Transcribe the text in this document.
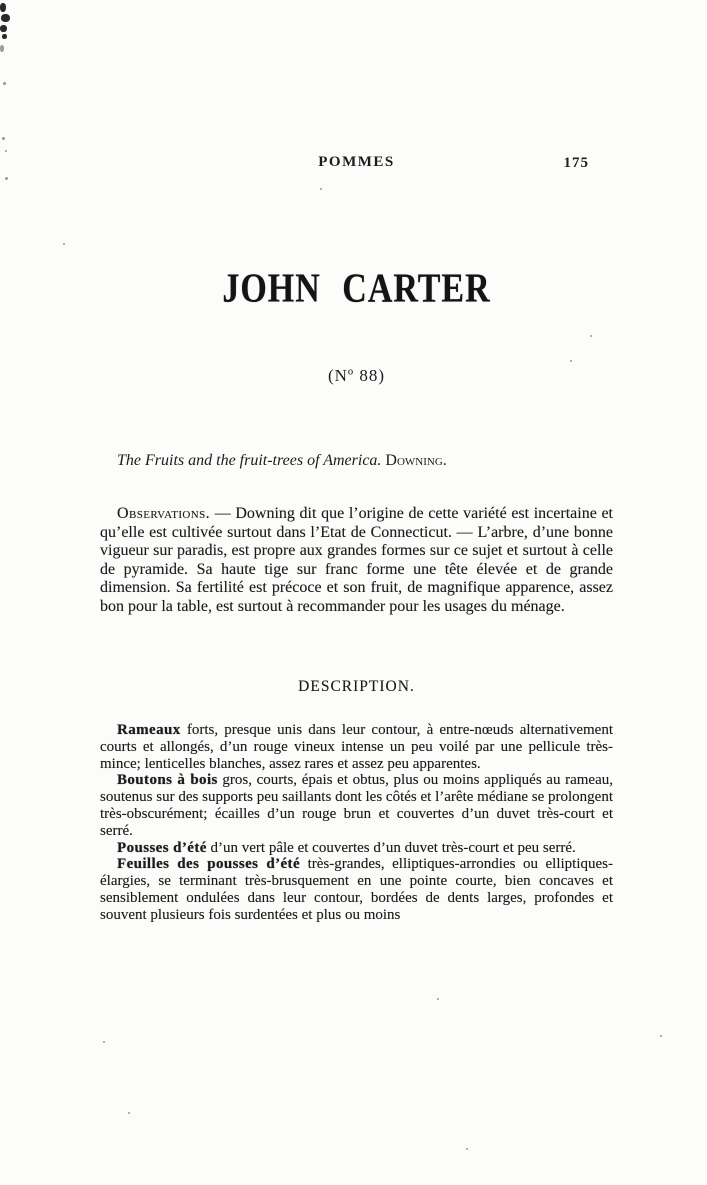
POMMES	175
JOHN CARTER
(Nº 88)
The Fruits and the fruit-trees of America. Downing.

Observations. — Downing dit que l’origine de cette variété est incertaine et qu’elle est cultivée surtout dans l’Etat de Connecticut. — L’arbre, d’une bonne vigueur sur paradis, est propre aux grandes formes sur ce sujet et surtout à celle de pyramide. Sa haute tige sur franc forme une tête élevée et de grande dimension. Sa fertilité est précoce et son fruit, de magnifique apparence, assez bon pour la table, est surtout à recommander pour les usages du ménage.

DESCRIPTION.

Rameaux forts, presque unis dans leur contour, à entre-nœuds alternativement courts et allongés, d’un rouge vineux intense un peu voilé par une pellicule très-mince; lenticelles blanches, assez rares et assez peu apparentes.

Boutons à bois gros, courts, épais et obtus, plus ou moins appliqués au rameau, soutenus sur des supports peu saillants dont les côtés et l’arête médiane se prolongent très-obscurément; écailles d’un rouge brun et couvertes d’un duvet très-court et serré.

Pousses d’été d’un vert pâle et couvertes d’un duvet très-court et peu serré.

Feuilles des pousses d’été très-grandes, elliptiques-arrondies ou elliptiques-élargies, se terminant très-brusquement en une pointe courte, bien concaves et sensiblement ondulées dans leur contour, bordées de dents larges, profondes et souvent plusieurs fois surdentées et plus ou moins
